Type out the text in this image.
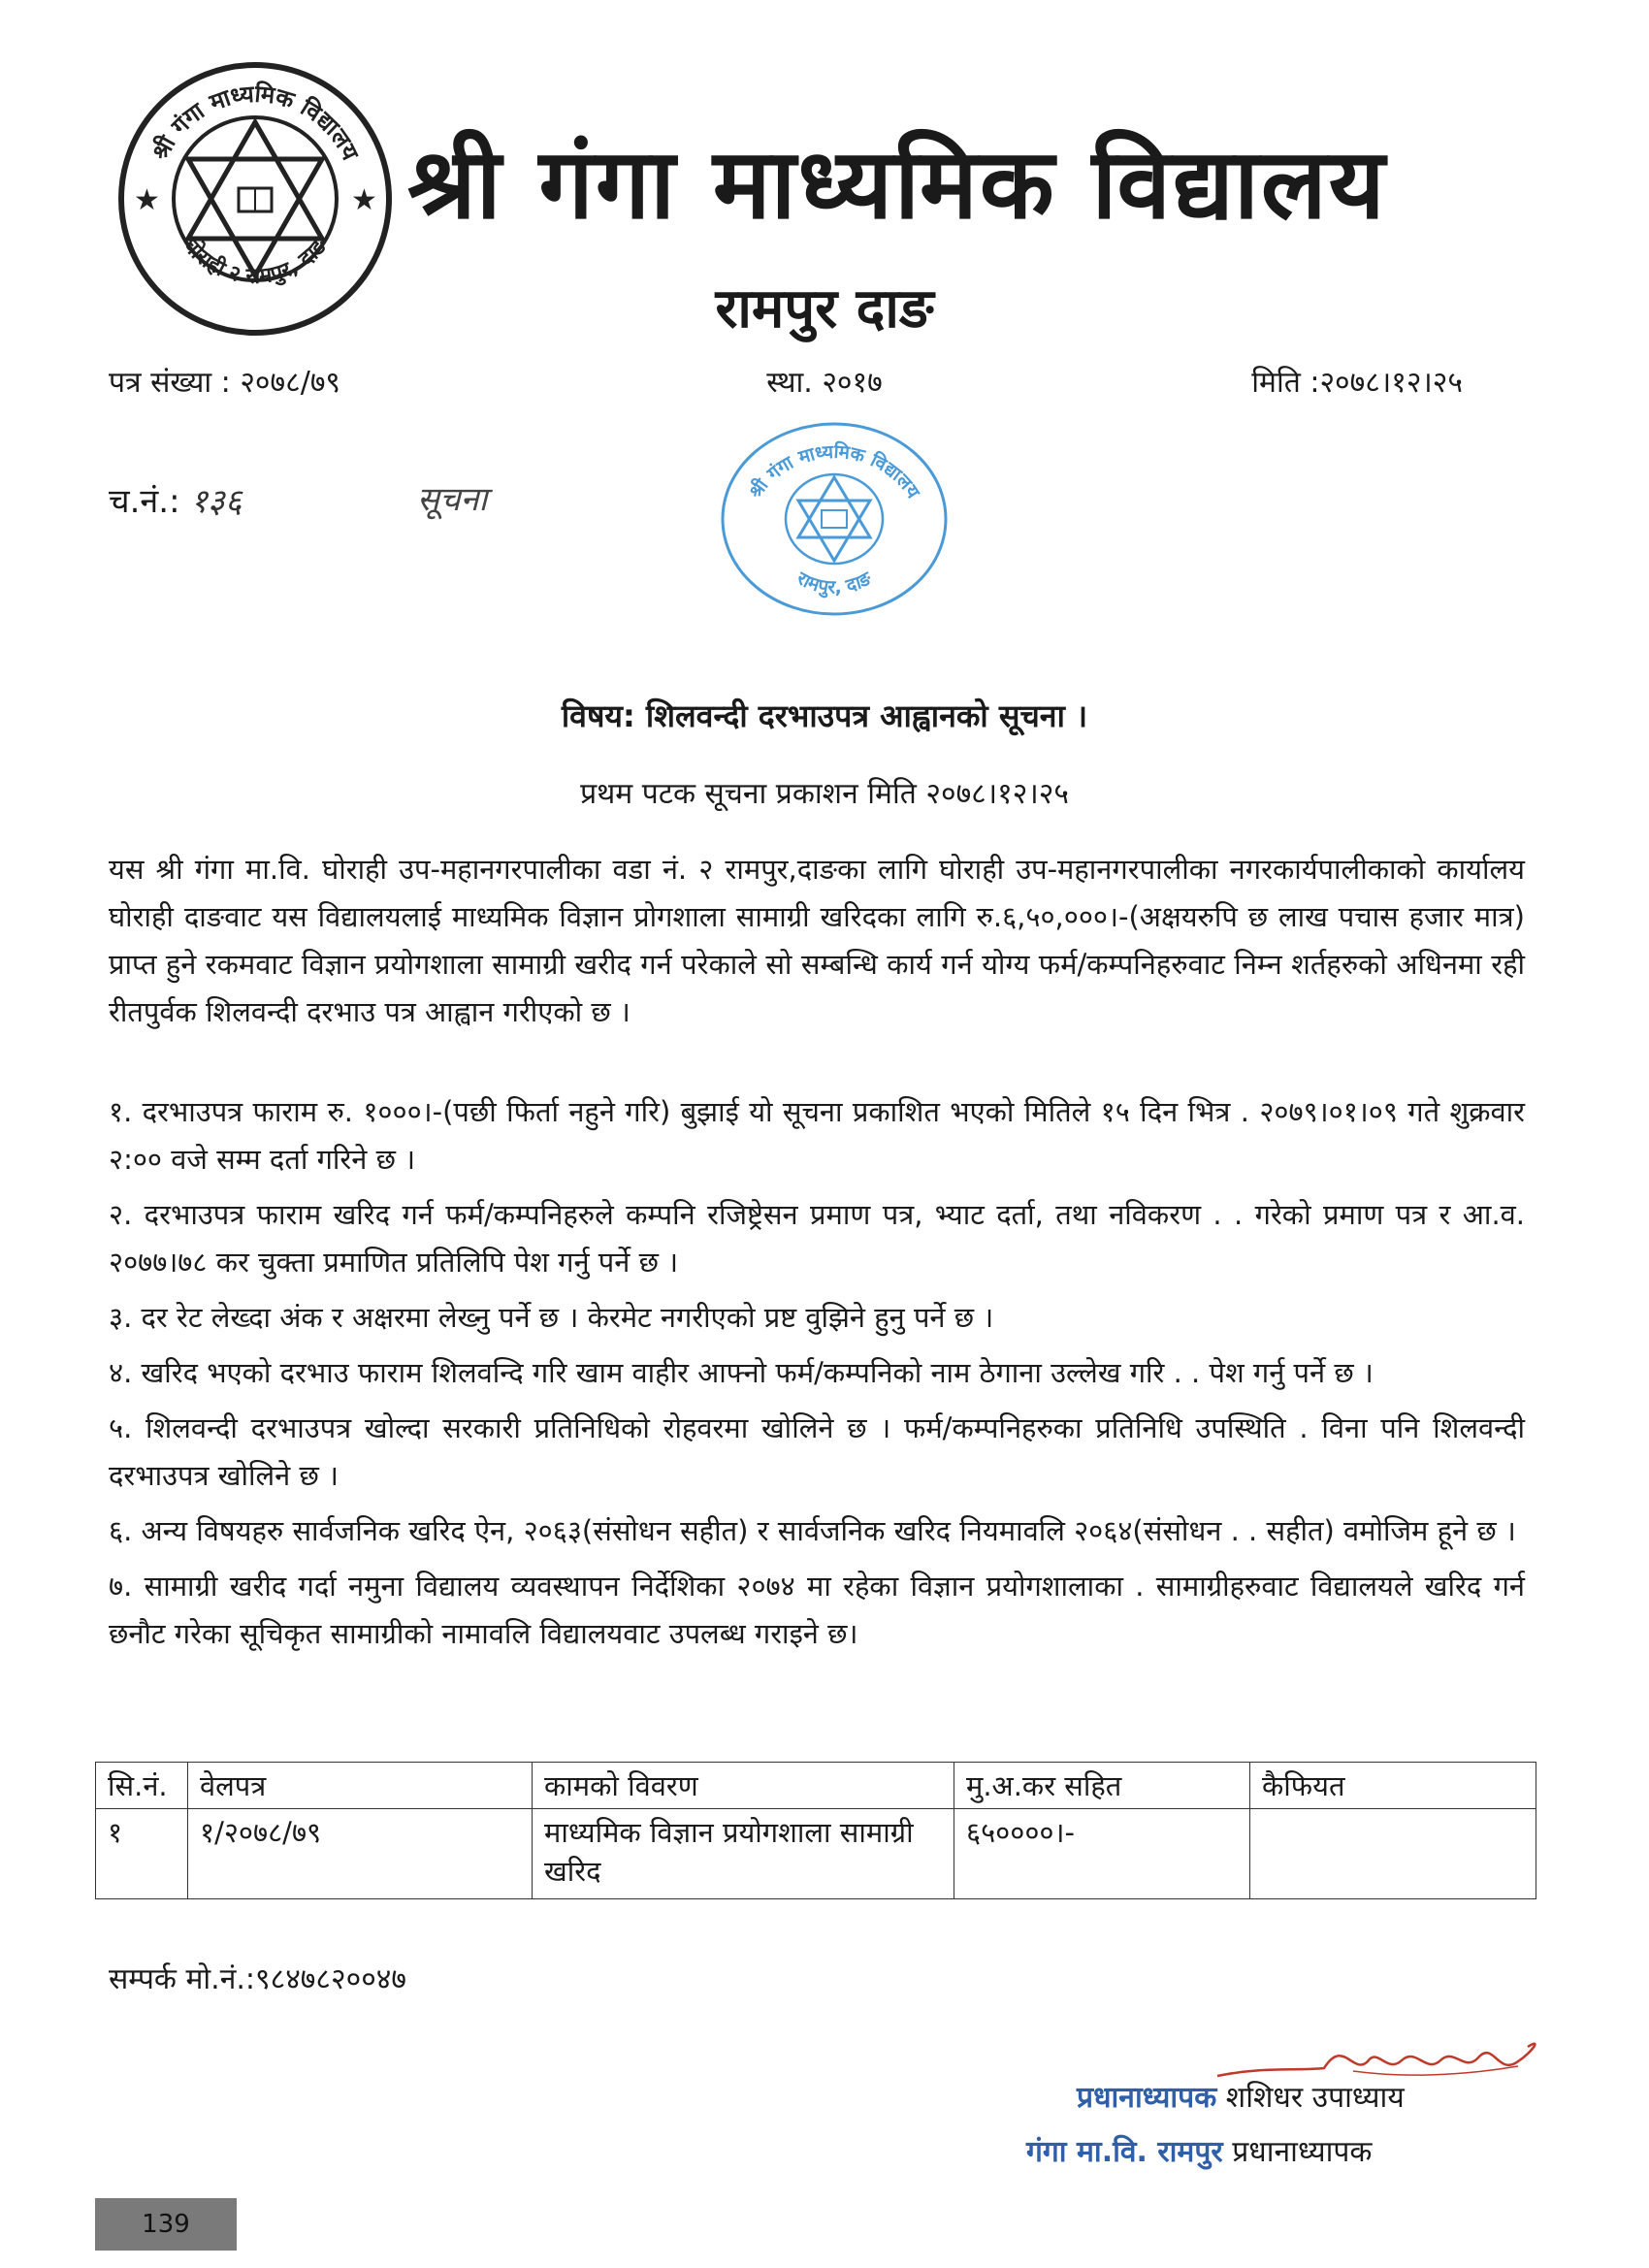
★	★
श्री गंगा माध्यमिक विद्यालय
घोराही २ रामपुर, दाङ
श्री गंगा माध्यमिक विद्यालय
रामपुर दाङ
पत्र संख्या : २०७८/७९	स्था. २०१७	मिति :२०७८।१२।२५
च.नं.: १३६	सूचना	श्री गंगा माध्यमिक विद्यालय
रामपुर, दाङ
विषय: शिलवन्दी दरभाउपत्र आह्वानको सूचना ।
प्रथम पटक सूचना प्रकाशन मिति २०७८।१२।२५
यस श्री गंगा मा.वि. घोराही उप-महानगरपालीका वडा नं. २ रामपुर,दाङका लागि घोराही उप-महानगरपालीका नगरकार्यपालीकाको कार्यालय घोराही दाङवाट यस विद्यालयलाई माध्यमिक विज्ञान प्रोगशाला सामाग्री खरिदका लागि रु.६,५०,०००।-(अक्षयरुपि छ लाख पचास हजार मात्र) प्राप्त हुने रकमवाट विज्ञान प्रयोगशाला सामाग्री खरीद गर्न परेकाले सो सम्बन्धि कार्य गर्न योग्य फर्म/कम्पनिहरुवाट निम्न शर्तहरुको अधिनमा रही रीतपुर्वक शिलवन्दी दरभाउ पत्र आह्वान गरीएको छ ।
१. दरभाउपत्र फाराम रु. १०००।-(पछी फिर्ता नहुने गरि) बुझाई यो सूचना प्रकाशित भएको मितिले १५ दिन भित्र . २०७९।०१।०९ गते शुक्रवार २:०० वजे सम्म दर्ता गरिने छ ।
२. दरभाउपत्र फाराम खरिद गर्न फर्म/कम्पनिहरुले कम्पनि रजिष्ट्रेसन प्रमाण पत्र, भ्याट दर्ता, तथा नविकरण . . गरेको प्रमाण पत्र र आ.व. २०७७।७८ कर चुक्ता प्रमाणित प्रतिलिपि पेश गर्नु पर्ने छ ।
३. दर रेट लेख्दा अंक र अक्षरमा लेख्नु पर्ने छ । केरमेट नगरीएको प्रष्ट वुझिने हुनु पर्ने छ ।
४. खरिद भएको दरभाउ फाराम शिलवन्दि गरि खाम वाहीर आफ्नो फर्म/कम्पनिको नाम ठेगाना उल्लेख गरि . . पेश गर्नु पर्ने छ ।
५. शिलवन्दी दरभाउपत्र खोल्दा सरकारी प्रतिनिधिको रोहवरमा खोलिने छ । फर्म/कम्पनिहरुका प्रतिनिधि उपस्थिति . विना पनि शिलवन्दी दरभाउपत्र खोलिने छ ।
६. अन्य विषयहरु सार्वजनिक खरिद ऐन, २०६३(संसोधन सहीत) र सार्वजनिक खरिद नियमावलि २०६४(संसोधन . . सहीत) वमोजिम हूने छ ।
७. सामाग्री खरीद गर्दा नमुना विद्यालय व्यवस्थापन निर्देशिका २०७४ मा रहेका विज्ञान प्रयोगशालाका . सामाग्रीहरुवाट विद्यालयले खरिद गर्न छनौट गरेका सूचिकृत सामाग्रीको नामावलि विद्यालयवाट उपलब्ध गराइने छ।
सि.नं.	वेलपत्र	कामको विवरण	मु.अ.कर सहित	कैफियत
१	१/२०७८/७९	माध्यमिक विज्ञान प्रयोगशाला सामाग्री खरिद	६५००००।-	
सम्पर्क मो.नं.:९८४७८२००४७
प्रधानाध्यापक शशिधर उपाध्याय
गंगा मा.वि. रामपुर प्रधानाध्यापक
139
